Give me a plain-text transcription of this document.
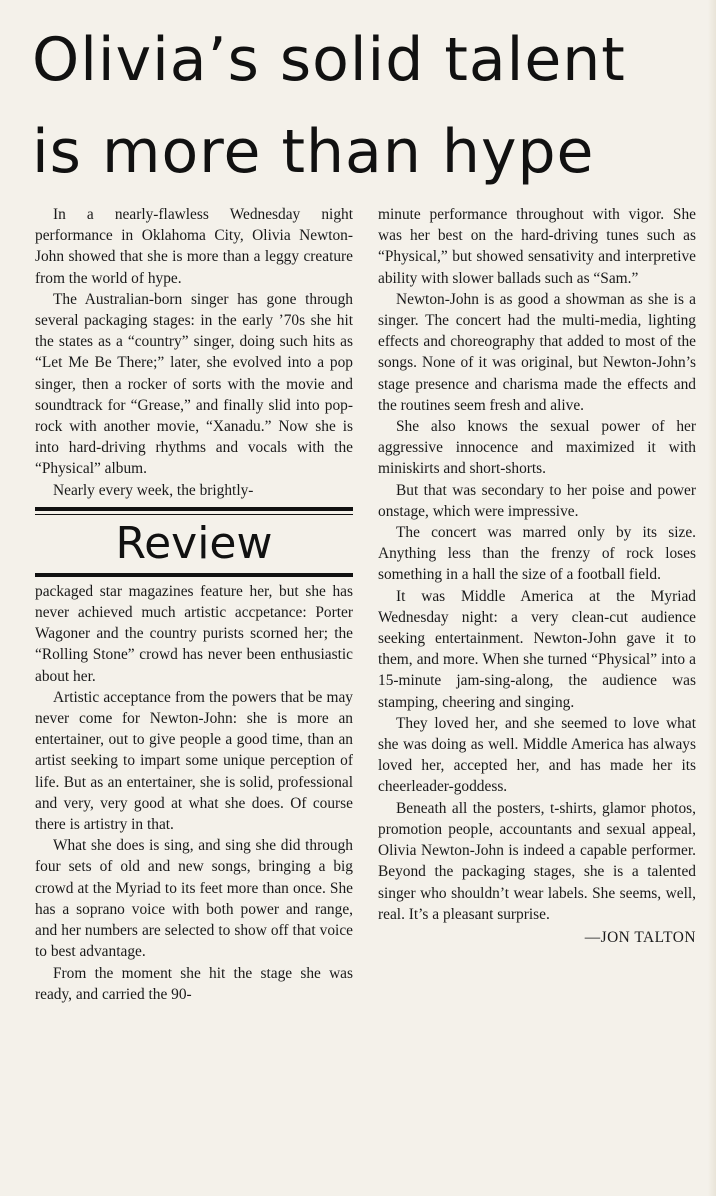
Olivia’s solid talent
is more than hype

In a nearly-flawless Wednesday night performance in Oklahoma City, Olivia Newton-John showed that she is more than a leggy creature from the world of hype.

The Australian-born singer has gone through several packaging stages: in the early ’70s she hit the states as a “country” singer, doing such hits as “Let Me Be There;” later, she evolved into a pop singer, then a rocker of sorts with the movie and soundtrack for “Grease,” and finally slid into pop-rock with another movie, “Xanadu.” Now she is into hard-driving rhythms and vocals with the “Physical” album.

Nearly every week, the brightly-

Review

packaged star magazines feature her, but she has never achieved much artistic accpetance: Porter Wagoner and the country purists scorned her; the “Rolling Stone” crowd has never been enthusiastic about her.

Artistic acceptance from the powers that be may never come for Newton-John: she is more an entertainer, out to give people a good time, than an artist seeking to impart some unique perception of life. But as an entertainer, she is solid, professional and very, very good at what she does. Of course there is artistry in that.

What she does is sing, and sing she did through four sets of old and new songs, bringing a big crowd at the Myriad to its feet more than once. She has a soprano voice with both power and range, and her numbers are selected to show off that voice to best advantage.

From the moment she hit the stage she was ready, and carried the 90-

minute performance throughout with vigor. She was her best on the hard-driving tunes such as “Physical,” but showed sensativity and interpretive ability with slower ballads such as “Sam.”

Newton-John is as good a showman as she is a singer. The concert had the multi-media, lighting effects and choreography that added to most of the songs. None of it was original, but Newton-John’s stage presence and charisma made the effects and the routines seem fresh and alive.

She also knows the sexual power of her aggressive innocence and maximized it with miniskirts and short-shorts.

But that was secondary to her poise and power onstage, which were impressive.

The concert was marred only by its size. Anything less than the frenzy of rock loses something in a hall the size of a football field.

It was Middle America at the Myriad Wednesday night: a very clean-cut audience seeking entertainment. Newton-John gave it to them, and more. When she turned “Physical” into a 15-minute jam-sing-along, the audience was stamping, cheering and singing.

They loved her, and she seemed to love what she was doing as well. Middle America has always loved her, accepted her, and has made her its cheerleader-goddess.

Beneath all the posters, t-shirts, glamor photos, promotion people, accountants and sexual appeal, Olivia Newton-John is indeed a capable performer. Beyond the packaging stages, she is a talented singer who shouldn’t wear labels. She seems, well, real. It’s a pleasant surprise.

—JON TALTON
